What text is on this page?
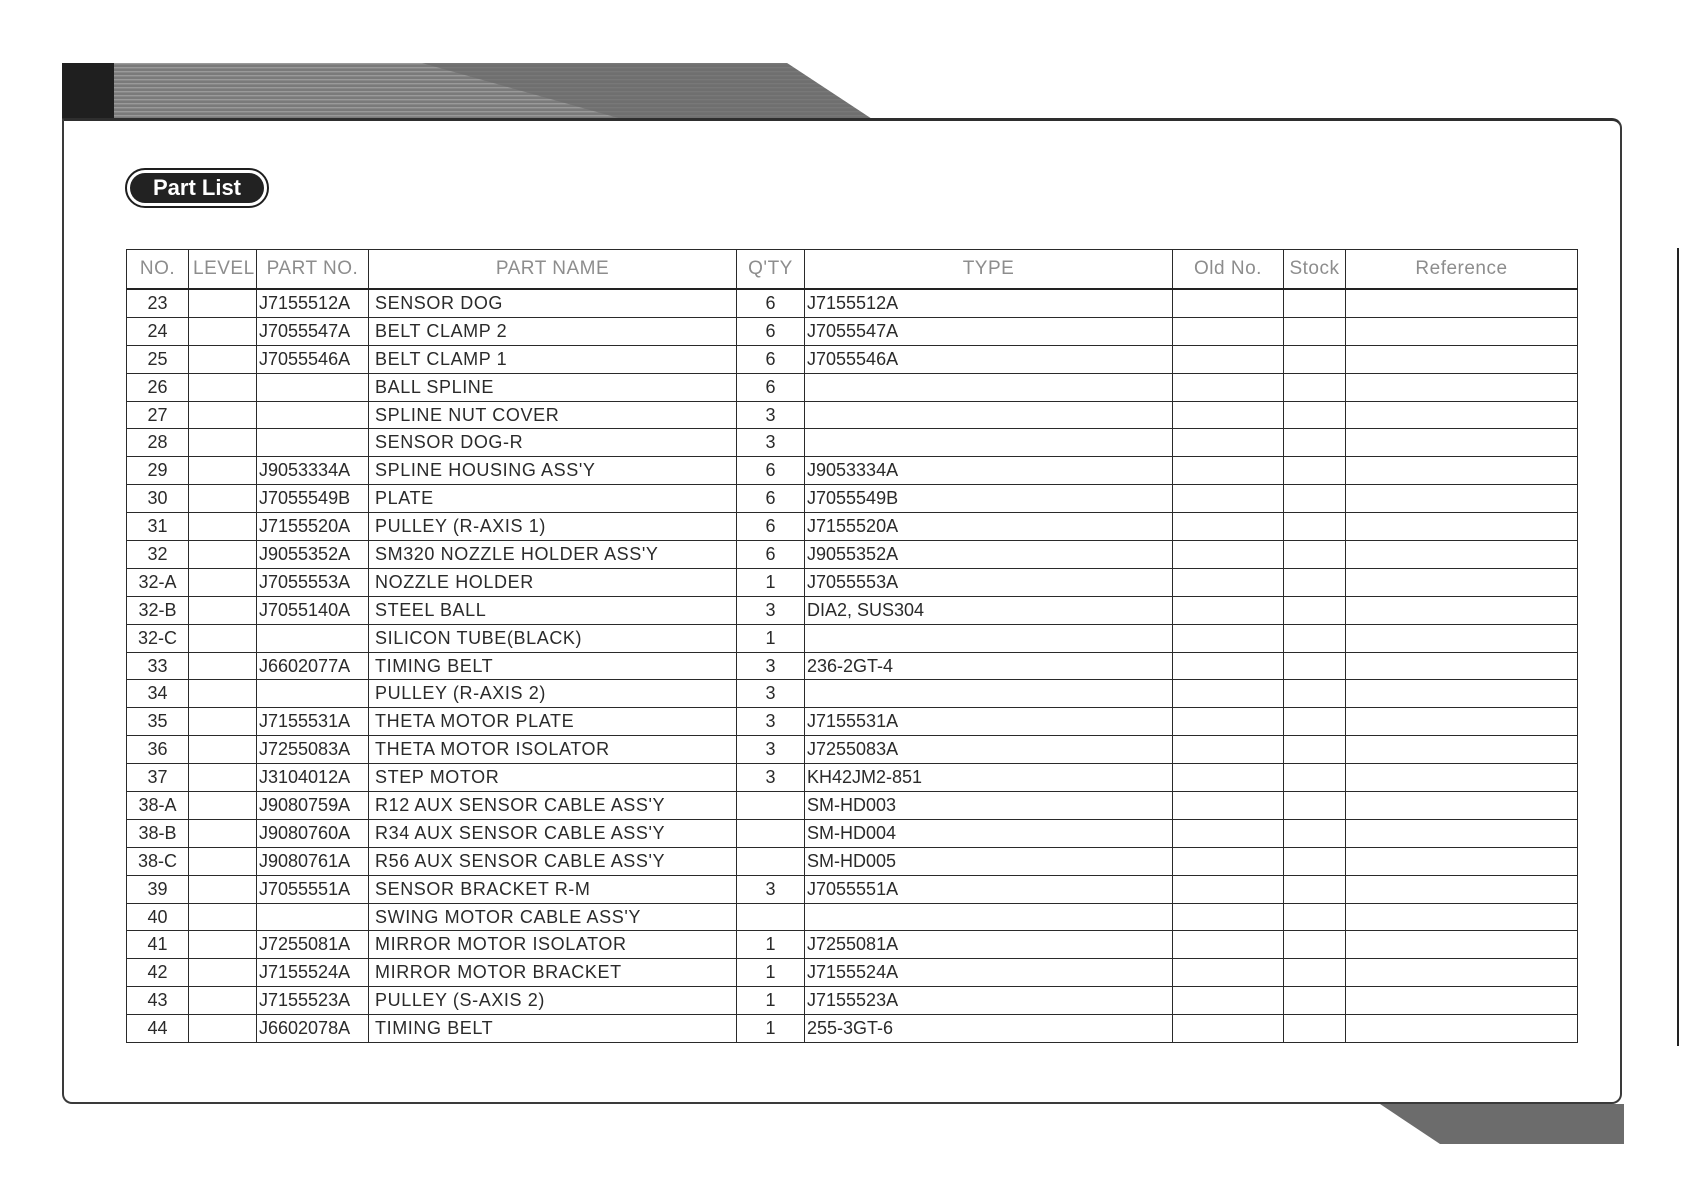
Part List
NO.	LEVEL	PART NO.	PART NAME	Q'TY	TYPE	Old No.	Stock	Reference
23		J7155512A	SENSOR DOG	6	J7155512A			
24		J7055547A	BELT CLAMP 2	6	J7055547A			
25		J7055546A	BELT CLAMP 1	6	J7055546A			
26			BALL SPLINE	6				
27			SPLINE NUT COVER	3				
28			SENSOR DOG-R	3				
29		J9053334A	SPLINE HOUSING ASS'Y	6	J9053334A			
30		J7055549B	PLATE	6	J7055549B			
31		J7155520A	PULLEY (R-AXIS 1)	6	J7155520A			
32		J9055352A	SM320 NOZZLE HOLDER ASS'Y	6	J9055352A			
32-A		J7055553A	NOZZLE HOLDER	1	J7055553A			
32-B		J7055140A	STEEL BALL	3	DIA2, SUS304			
32-C			SILICON TUBE(BLACK)	1				
33		J6602077A	TIMING BELT	3	236-2GT-4			
34			PULLEY (R-AXIS 2)	3				
35		J7155531A	THETA MOTOR PLATE	3	J7155531A			
36		J7255083A	THETA MOTOR ISOLATOR	3	J7255083A			
37		J3104012A	STEP MOTOR	3	KH42JM2-851			
38-A		J9080759A	R12 AUX SENSOR CABLE ASS'Y		SM-HD003			
38-B		J9080760A	R34 AUX SENSOR CABLE ASS'Y		SM-HD004			
38-C		J9080761A	R56 AUX SENSOR CABLE ASS'Y		SM-HD005			
39		J7055551A	SENSOR BRACKET R-M	3	J7055551A			
40			SWING MOTOR CABLE ASS'Y					
41		J7255081A	MIRROR MOTOR ISOLATOR	1	J7255081A			
42		J7155524A	MIRROR MOTOR BRACKET	1	J7155524A			
43		J7155523A	PULLEY (S-AXIS 2)	1	J7155523A			
44		J6602078A	TIMING BELT	1	255-3GT-6			
